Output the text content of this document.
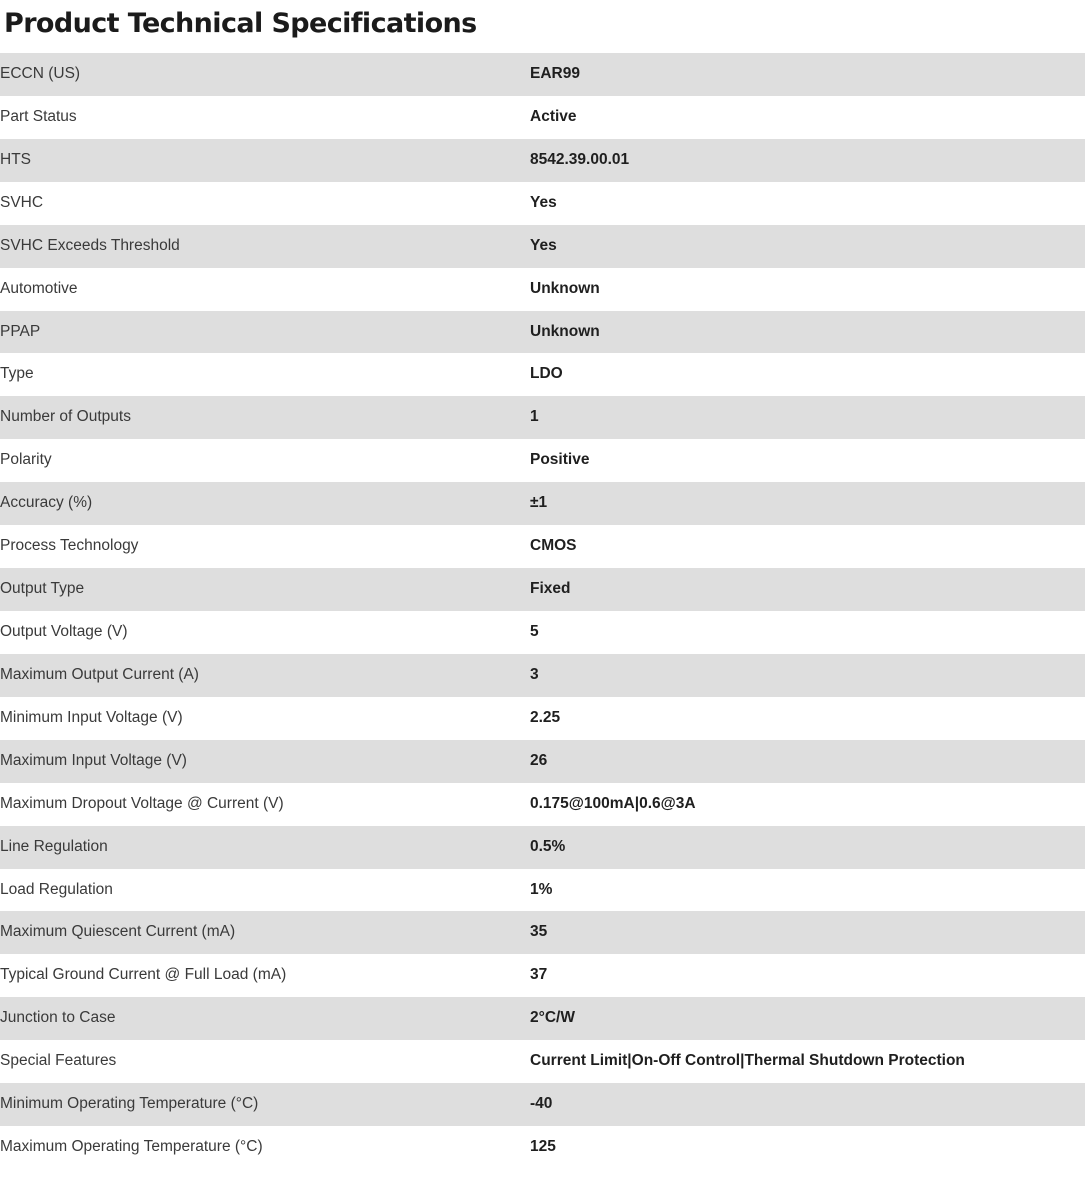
Product Technical Specifications
ECCN (US)	EAR99

Part Status	Active

HTS	8542.39.00.01

SVHC	Yes

SVHC Exceeds Threshold	Yes

Automotive	Unknown

PPAP	Unknown

Type	LDO

Number of Outputs	1

Polarity	Positive

Accuracy (%)	±1

Process Technology	CMOS

Output Type	Fixed

Output Voltage (V)	5

Maximum Output Current (A)	3

Minimum Input Voltage (V)	2.25

Maximum Input Voltage (V)	26

Maximum Dropout Voltage @ Current (V)	0.175@100mA|0.6@3A

Line Regulation	0.5%

Load Regulation	1%

Maximum Quiescent Current (mA)	35

Typical Ground Current @ Full Load (mA)	37

Junction to Case	2°C/W

Special Features	Current Limit|On-Off Control|Thermal Shutdown Protection

Minimum Operating Temperature (°C)	-40

Maximum Operating Temperature (°C)	125
